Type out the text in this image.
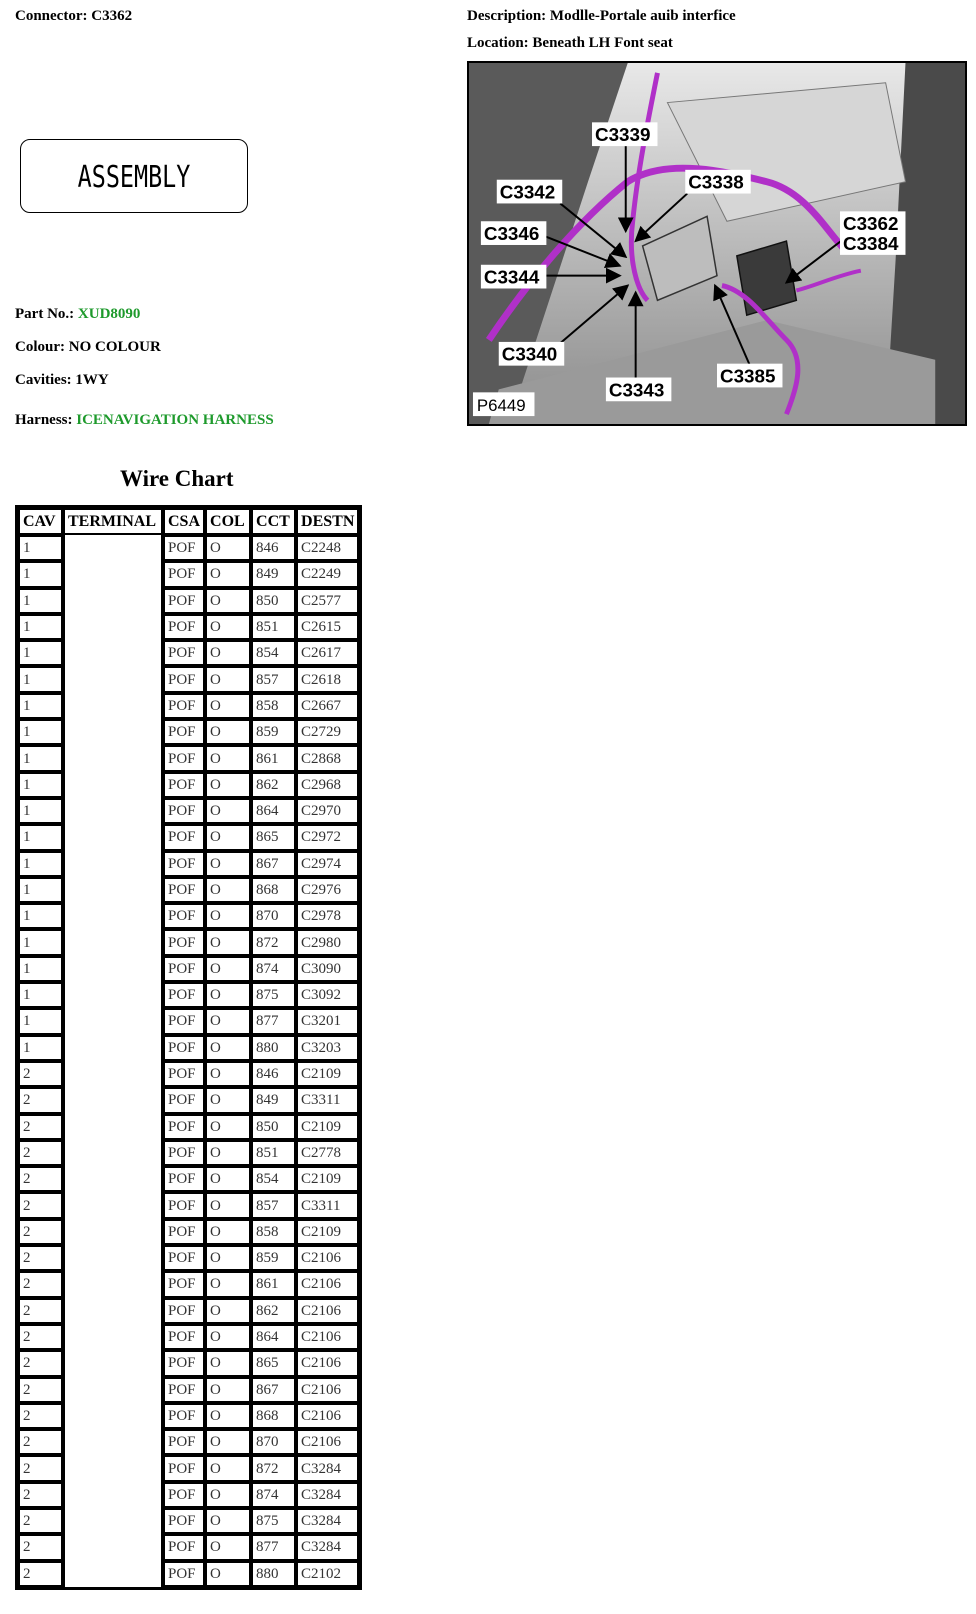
Connector: C3362	Description: Modlle-Portale auib interfice
Location: Beneath LH Font seat
ASSEMBLY
Part No.: XUD8090
Colour: NO COLOUR
Cavities: 1WY
Harness: ICENAVIGATION HARNESS
C3339
C3342	C3338
C3346
C3344
C3340
C3343
C3385
C3362
C3384
P6449
Wire Chart
CAV	TERMINAL	CSA	COL	CCT	DESTN
1		POF	O	846	C2248
1		POF	O	849	C2249
1		POF	O	850	C2577
1		POF	O	851	C2615
1		POF	O	854	C2617
1		POF	O	857	C2618
1		POF	O	858	C2667
1		POF	O	859	C2729
1		POF	O	861	C2868
1		POF	O	862	C2968
1		POF	O	864	C2970
1		POF	O	865	C2972
1		POF	O	867	C2974
1		POF	O	868	C2976
1		POF	O	870	C2978
1		POF	O	872	C2980
1		POF	O	874	C3090
1		POF	O	875	C3092
1		POF	O	877	C3201
1		POF	O	880	C3203
2		POF	O	846	C2109
2		POF	O	849	C3311
2		POF	O	850	C2109
2		POF	O	851	C2778
2		POF	O	854	C2109
2		POF	O	857	C3311
2		POF	O	858	C2109
2		POF	O	859	C2106
2		POF	O	861	C2106
2		POF	O	862	C2106
2		POF	O	864	C2106
2		POF	O	865	C2106
2		POF	O	867	C2106
2		POF	O	868	C2106
2		POF	O	870	C2106
2		POF	O	872	C3284
2		POF	O	874	C3284
2		POF	O	875	C3284
2		POF	O	877	C3284
2		POF	O	880	C2102
